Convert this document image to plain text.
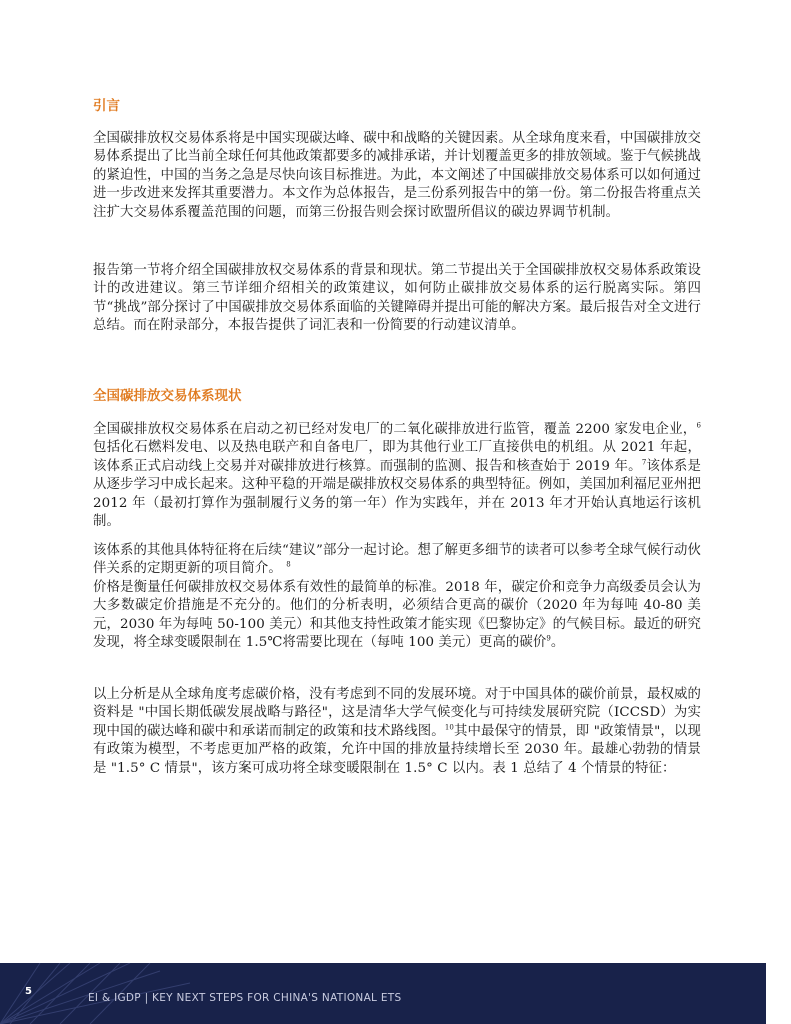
引言

全国碳排放权交易体系将是中国实现碳达峰、碳中和战略的关键因素。从全球角度来看，中国碳排放交易体系提出了比当前全球任何其他政策都要多的减排承诺，并计划覆盖更多的排放领域。鉴于气候挑战的紧迫性，中国的当务之急是尽快向该目标推进。为此，本文阐述了中国碳排放交易体系可以如何通过进一步改进来发挥其重要潜力。本文作为总体报告，是三份系列报告中的第一份。第二份报告将重点关注扩大交易体系覆盖范围的问题，而第三份报告则会探讨欧盟所倡议的碳边界调节机制。

报告第一节将介绍全国碳排放权交易体系的背景和现状。第二节提出关于全国碳排放权交易体系政策设计的改进建议。第三节详细介绍相关的政策建议，如何防止碳排放交易体系的运行脱离实际。第四节“挑战”部分探讨了中国碳排放交易体系面临的关键障碍并提出可能的解决方案。最后报告对全文进行总结。而在附录部分，本报告提供了词汇表和一份简要的行动建议清单。

全国碳排放交易体系现状

全国碳排放权交易体系在启动之初已经对发电厂的二氧化碳排放进行监管，覆盖 2200 家发电企业，$^6$包括化石燃料发电、以及热电联产和自备电厂，即为其他行业工厂直接供电的机组。从 2021 年起，该体系正式启动线上交易并对碳排放进行核算。而强制的监测、报告和核查始于 2019 年。$^7$该体系是从逐步学习中成长起来。这种平稳的开端是碳排放权交易体系的典型特征。例如，美国加利福尼亚州把 2012 年（最初打算作为强制履行义务的第一年）作为实践年，并在 2013 年才开始认真地运行该机制。

该体系的其他具体特征将在后续“建议”部分一起讨论。想了解更多细节的读者可以参考全球气候行动伙伴关系的定期更新的项目简介。 $^8$

价格是衡量任何碳排放权交易体系有效性的最简单的标准。2018 年，碳定价和竞争力高级委员会认为大多数碳定价措施是不充分的。他们的分析表明，必须结合更高的碳价（2020 年为每吨 40-80 美元，2030 年为每吨 50-100 美元）和其他支持性政策才能实现《巴黎协定》的气候目标。最近的研究发现，将全球变暖限制在 1.5℃将需要比现在（每吨 100 美元）更高的碳价$^9$。

以上分析是从全球角度考虑碳价格，没有考虑到不同的发展环境。对于中国具体的碳价前景，最权威的资料是 "中国长期低碳发展战略与路径"，这是清华大学气候变化与可持续发展研究院（ICCSD）为实现中国的碳达峰和碳中和承诺而制定的政策和技术路线图。$^{10}$其中最保守的情景，即 "政策情景"，以现有政策为模型，不考虑更加严格的政策，允许中国的排放量持续增长至 2030 年。最雄心勃勃的情景是 "1.5° C 情景"，该方案可成功将全球变暖限制在 1.5° C 以内。表 1 总结了 4 个情景的特征：

5
EI & IGDP | KEY NEXT STEPS FOR CHINA'S NATIONAL ETS
